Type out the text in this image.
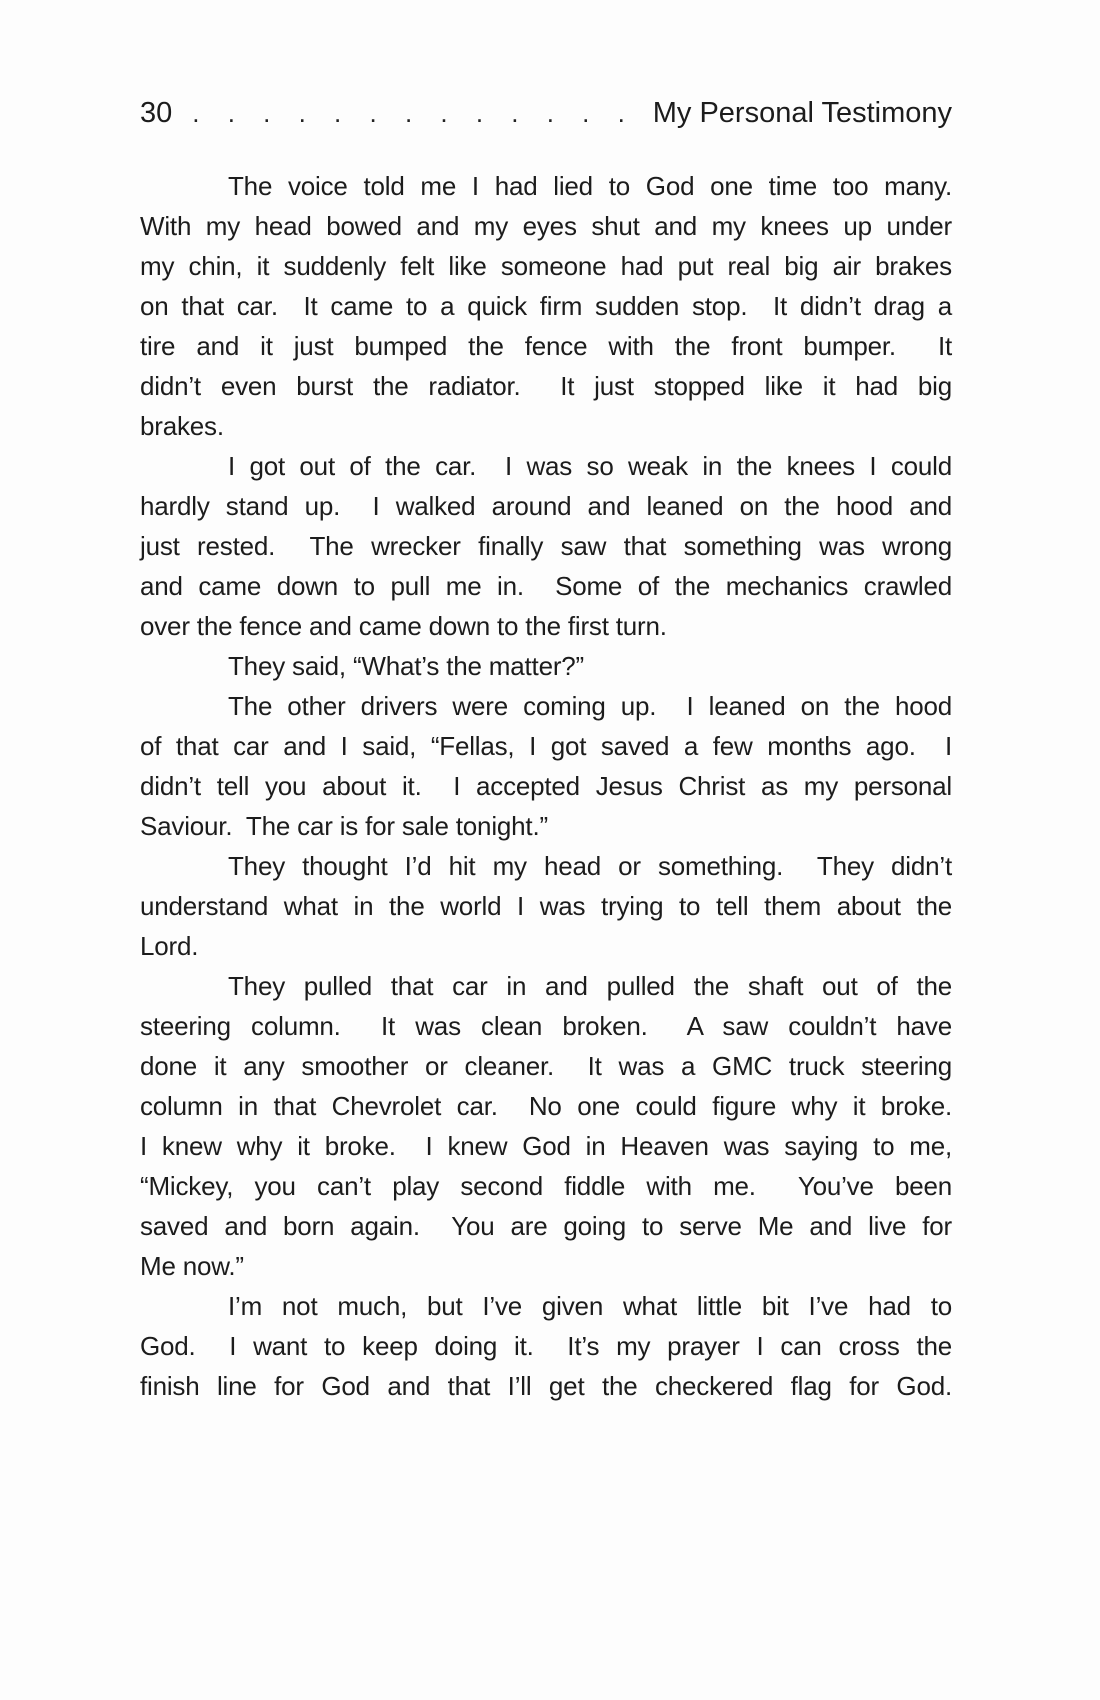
30 . . . . . . . . . . . . . My Personal Testimony
The voice told me I had lied to God one time too many.
With my head bowed and my eyes shut and my knees up under
my chin, it suddenly felt like someone had put real big air brakes
on that car.  It came to a quick firm sudden stop.  It didn’t drag a
tire and it just bumped the fence with the front bumper.  It
didn’t even burst the radiator.  It just stopped like it had big
brakes.
I got out of the car.  I was so weak in the knees I could
hardly stand up.  I walked around and leaned on the hood and
just rested.  The wrecker finally saw that something was wrong
and came down to pull me in.  Some of the mechanics crawled
over the fence and came down to the first turn.
They said, “What’s the matter?”
The other drivers were coming up.  I leaned on the hood
of that car and I said, “Fellas, I got saved a few months ago.  I
didn’t tell you about it.  I accepted Jesus Christ as my personal
Saviour.  The car is for sale tonight.”
They thought I’d hit my head or something.  They didn’t
understand what in the world I was trying to tell them about the
Lord.
They pulled that car in and pulled the shaft out of the
steering column.  It was clean broken.  A saw couldn’t have
done it any smoother or cleaner.  It was a GMC truck steering
column in that Chevrolet car.  No one could figure why it broke.
I knew why it broke.  I knew God in Heaven was saying to me,
“Mickey, you can’t play second fiddle with me.  You’ve been
saved and born again.  You are going to serve Me and live for
Me now.”
I’m not much, but I’ve given what little bit I’ve had to
God.  I want to keep doing it.  It’s my prayer I can cross the
finish line for God and that I’ll get the checkered flag for God.
